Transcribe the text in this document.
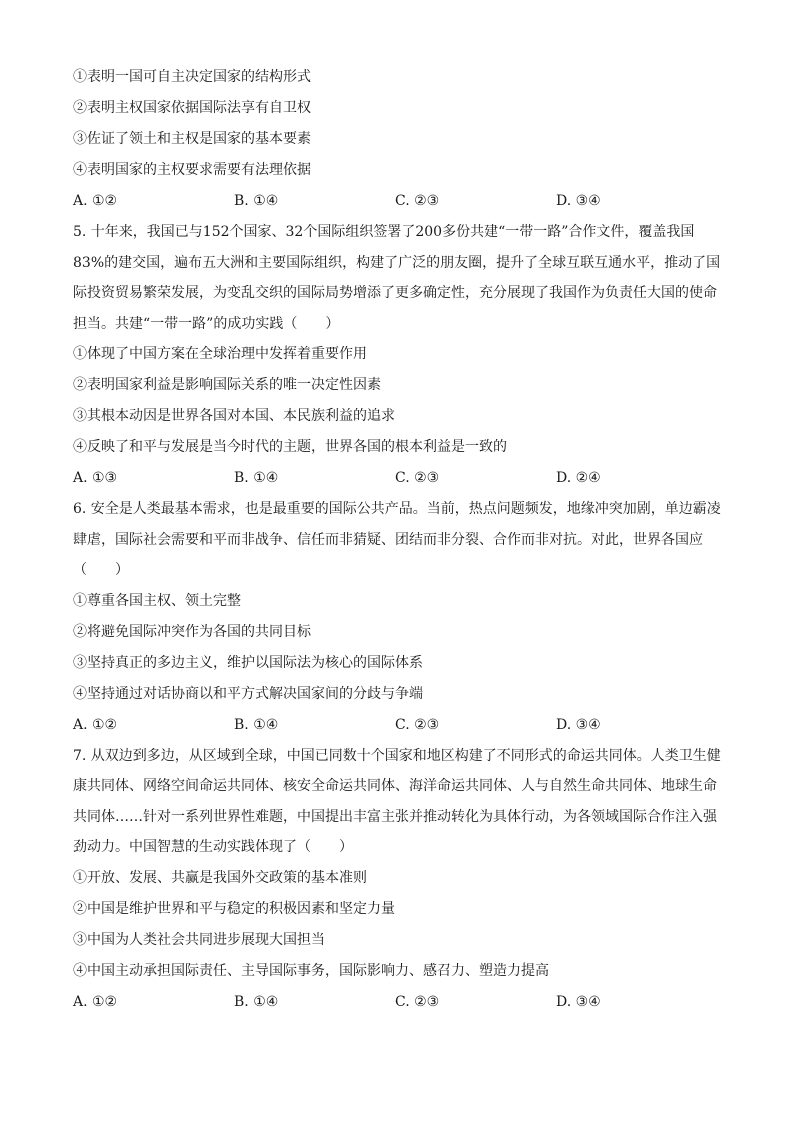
①表明一国可自主决定国家的结构形式
②表明主权国家依据国际法享有自卫权
③佐证了领土和主权是国家的基本要素
④表明国家的主权要求需要有法理依据
A. ①②	B. ①④	C. ②③	D. ③④
5. 十年来，我国已与152个国家、32个国际组织签署了200多份共建“一带一路”合作文件，覆盖我国
83%的建交国，遍布五大洲和主要国际组织，构建了广泛的朋友圈，提升了全球互联互通水平，推动了国
际投资贸易繁荣发展，为变乱交织的国际局势增添了更多确定性，充分展现了我国作为负责任大国的使命
担当。共建“一带一路”的成功实践（　　）
①体现了中国方案在全球治理中发挥着重要作用
②表明国家利益是影响国际关系的唯一决定性因素
③其根本动因是世界各国对本国、本民族利益的追求
④反映了和平与发展是当今时代的主题，世界各国的根本利益是一致的
A. ①③	B. ①④	C. ②③	D. ②④
6. 安全是人类最基本需求，也是最重要的国际公共产品。当前，热点问题频发，地缘冲突加剧，单边霸凌
肆虐，国际社会需要和平而非战争、信任而非猜疑、团结而非分裂、合作而非对抗。对此，世界各国应
（　　）
①尊重各国主权、领土完整
②将避免国际冲突作为各国的共同目标
③坚持真正的多边主义，维护以国际法为核心的国际体系
④坚持通过对话协商以和平方式解决国家间的分歧与争端
A. ①②	B. ①④	C. ②③	D. ③④
7. 从双边到多边，从区域到全球，中国已同数十个国家和地区构建了不同形式的命运共同体。人类卫生健
康共同体、网络空间命运共同体、核安全命运共同体、海洋命运共同体、人与自然生命共同体、地球生命
共同体……针对一系列世界性难题，中国提出丰富主张并推动转化为具体行动，为各领域国际合作注入强
劲动力。中国智慧的生动实践体现了（　　）
①开放、发展、共赢是我国外交政策的基本准则
②中国是维护世界和平与稳定的积极因素和坚定力量
③中国为人类社会共同进步展现大国担当
④中国主动承担国际责任、主导国际事务，国际影响力、感召力、塑造力提高
A. ①②	B. ①④	C. ②③	D. ③④
